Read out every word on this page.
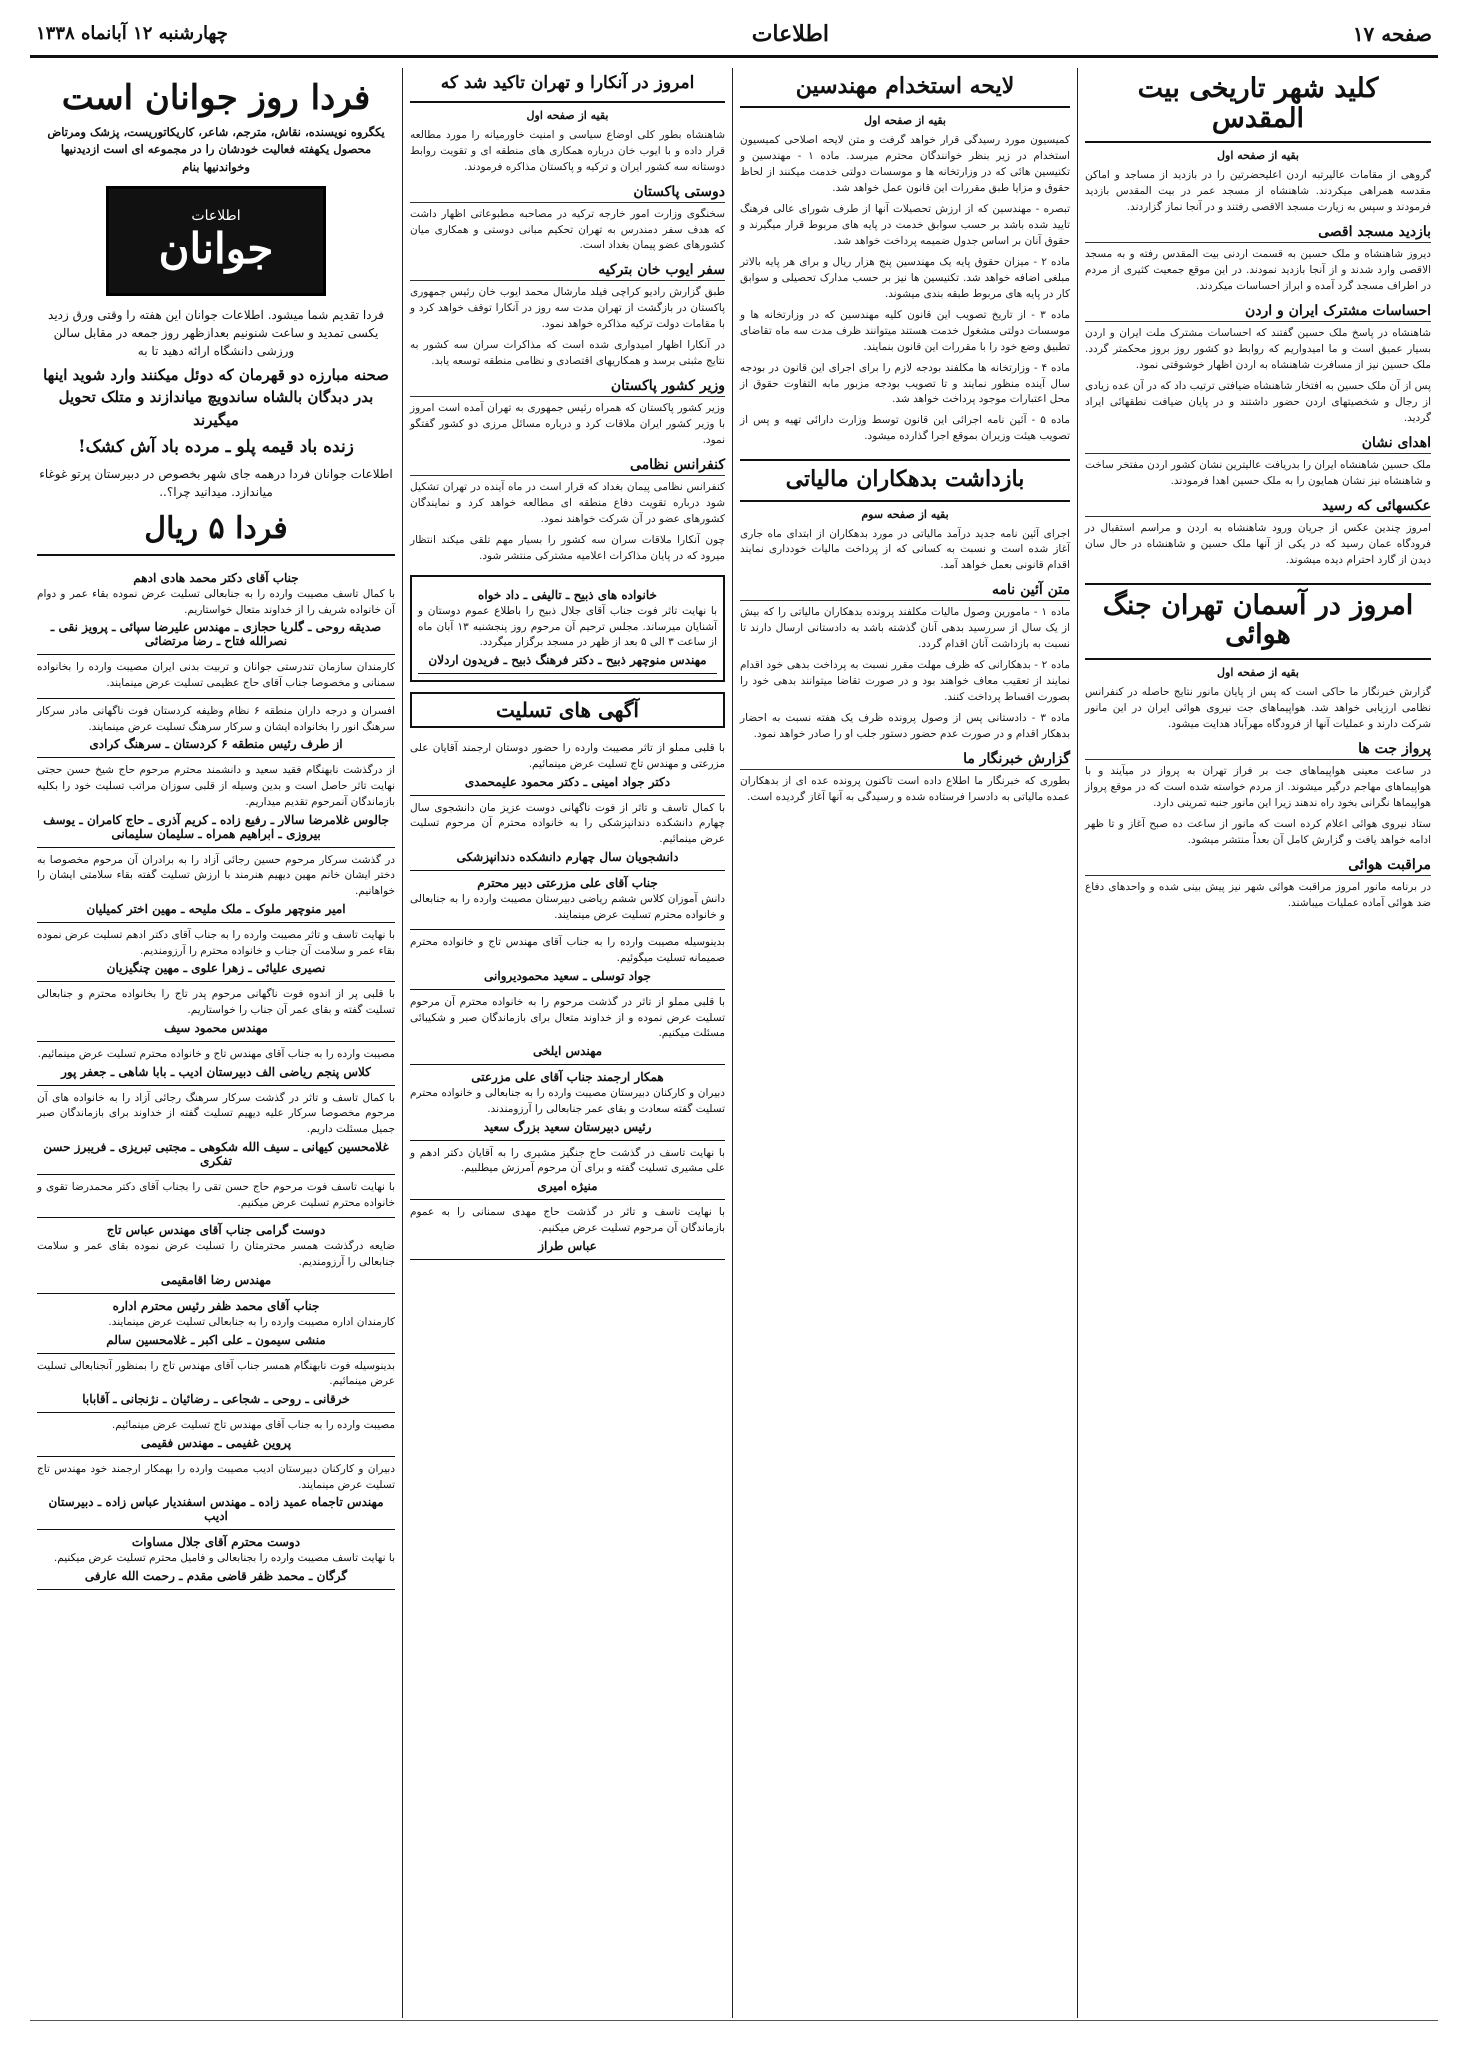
صفحه ۱۷
اطلاعات
چهارشنبه ۱۲ آبانماه ۱۳۳۸
کلید شهر تاریخی بیت المقدس
بقیه از صفحه اول

گروهی از مقامات عالیرتبه اردن اعلیحضرتین را در بازدید از مساجد و اماکن مقدسه همراهی میکردند. شاهنشاه از مسجد عمر در بیت المقدس بازدید فرمودند و سپس به زیارت مسجد الاقصی رفتند و در آنجا نماز گزاردند.

بازدید مسجد اقصی

دیروز شاهنشاه و ملک حسین به قسمت اردنی بیت المقدس رفته و به مسجد الاقصی وارد شدند و از آنجا بازدید نمودند. در این موقع جمعیت کثیری از مردم در اطراف مسجد گرد آمده و ابراز احساسات میکردند.

احساسات مشترک ایران و اردن

شاهنشاه در پاسخ ملک حسین گفتند که احساسات مشترک ملت ایران و اردن بسیار عمیق است و ما امیدواریم که روابط دو کشور روز بروز محکمتر گردد. ملک حسین نیز از مسافرت شاهنشاه به اردن اظهار خوشوقتی نمود.

پس از آن ملک حسین به افتخار شاهنشاه ضیافتی ترتیب داد که در آن عده زیادی از رجال و شخصیتهای اردن حضور داشتند و در پایان ضیافت نطقهائی ایراد گردید.

اهدای نشان

ملک حسین شاهنشاه ایران را بدریافت عالیترین نشان کشور اردن مفتخر ساخت و شاهنشاه نیز نشان همایون را به ملک حسین اهدا فرمودند.

عکسهائی که رسید

امروز چندین عکس از جریان ورود شاهنشاه به اردن و مراسم استقبال در فرودگاه عمان رسید که در یکی از آنها ملک حسین و شاهنشاه در حال سان دیدن از گارد احترام دیده میشوند.

امروز در آسمان تهران جنگ هوائی
بقیه از صفحه اول

گزارش خبرنگار ما حاکی است که پس از پایان مانور نتایج حاصله در کنفرانس نظامی ارزیابی خواهد شد. هواپیماهای جت نیروی هوائی ایران در این مانور شرکت دارند و عملیات آنها از فرودگاه مهرآباد هدایت میشود.

پرواز جت ها

در ساعت معینی هواپیماهای جت بر فراز تهران به پرواز در میآیند و با هواپیماهای مهاجم درگیر میشوند. از مردم خواسته شده است که در موقع پرواز هواپیماها نگرانی بخود راه ندهند زیرا این مانور جنبه تمرینی دارد.

ستاد نیروی هوائی اعلام کرده است که مانور از ساعت ده صبح آغاز و تا ظهر ادامه خواهد یافت و گزارش کامل آن بعداً منتشر میشود.

مراقبت هوائی

در برنامه مانور امروز مراقبت هوائی شهر نیز پیش بینی شده و واحدهای دفاع ضد هوائی آماده عملیات میباشند.

لایحه استخدام مهندسین
بقیه از صفحه اول

کمیسیون مورد رسیدگی قرار خواهد گرفت و متن لایحه اصلاحی کمیسیون استخدام در زیر بنظر خوانندگان محترم میرسد. ماده ۱ - مهندسین و تکنیسین هائی که در وزارتخانه ها و موسسات دولتی خدمت میکنند از لحاظ حقوق و مزایا طبق مقررات این قانون عمل خواهد شد.

تبصره - مهندسین که از ارزش تحصیلات آنها از طرف شورای عالی فرهنگ تایید شده باشد بر حسب سوابق خدمت در پایه های مربوط قرار میگیرند و حقوق آنان بر اساس جدول ضمیمه پرداخت خواهد شد.

ماده ۲ - میزان حقوق پایه یک مهندسین پنج هزار ریال و برای هر پایه بالاتر مبلغی اضافه خواهد شد. تکنیسین ها نیز بر حسب مدارک تحصیلی و سوابق کار در پایه های مربوط طبقه بندی میشوند.

ماده ۳ - از تاریخ تصویب این قانون کلیه مهندسین که در وزارتخانه ها و موسسات دولتی مشغول خدمت هستند میتوانند ظرف مدت سه ماه تقاضای تطبیق وضع خود را با مقررات این قانون بنمایند.

ماده ۴ - وزارتخانه ها مکلفند بودجه لازم را برای اجرای این قانون در بودجه سال آینده منظور نمایند و تا تصویب بودجه مزبور مابه التفاوت حقوق از محل اعتبارات موجود پرداخت خواهد شد.

ماده ۵ - آئین نامه اجرائی این قانون توسط وزارت دارائی تهیه و پس از تصویب هیئت وزیران بموقع اجرا گذارده میشود.

بازداشت بدهکاران مالیاتی
بقیه از صفحه سوم

اجرای آئین نامه جدید درآمد مالیاتی در مورد بدهکاران از ابتدای ماه جاری آغاز شده است و نسبت به کسانی که از پرداخت مالیات خودداری نمایند اقدام قانونی بعمل خواهد آمد.

متن آئین نامه

ماده ۱ - مامورین وصول مالیات مکلفند پرونده بدهکاران مالیاتی را که بیش از یک سال از سررسید بدهی آنان گذشته باشد به دادستانی ارسال دارند تا نسبت به بازداشت آنان اقدام گردد.

ماده ۲ - بدهکارانی که ظرف مهلت مقرر نسبت به پرداخت بدهی خود اقدام نمایند از تعقیب معاف خواهند بود و در صورت تقاضا میتوانند بدهی خود را بصورت اقساط پرداخت کنند.

ماده ۳ - دادستانی پس از وصول پرونده ظرف یک هفته نسبت به احضار بدهکار اقدام و در صورت عدم حضور دستور جلب او را صادر خواهد نمود.

گزارش خبرنگار ما

بطوری که خبرنگار ما اطلاع داده است تاکنون پرونده عده ای از بدهکاران عمده مالیاتی به دادسرا فرستاده شده و رسیدگی به آنها آغاز گردیده است.

امروز در آنکارا و تهران تاکید شد که
بقیه از صفحه اول

شاهنشاه بطور کلی اوضاع سیاسی و امنیت خاورمیانه را مورد مطالعه قرار داده و با ایوب خان درباره همکاری های منطقه ای و تقویت روابط دوستانه سه کشور ایران و ترکیه و پاکستان مذاکره فرمودند.

دوستی پاکستان

سخنگوی وزارت امور خارجه ترکیه در مصاحبه مطبوعاتی اظهار داشت که هدف سفر دمندرس به تهران تحکیم مبانی دوستی و همکاری میان کشورهای عضو پیمان بغداد است.

سفر ایوب خان بترکیه

طبق گزارش رادیو کراچی فیلد مارشال محمد ایوب خان رئیس جمهوری پاکستان در بازگشت از تهران مدت سه روز در آنکارا توقف خواهد کرد و با مقامات دولت ترکیه مذاکره خواهد نمود.

در آنکارا اظهار امیدواری شده است که مذاکرات سران سه کشور به نتایج مثبتی برسد و همکاریهای اقتصادی و نظامی منطقه توسعه یابد.

وزیر کشور پاکستان

وزیر کشور پاکستان که همراه رئیس جمهوری به تهران آمده است امروز با وزیر کشور ایران ملاقات کرد و درباره مسائل مرزی دو کشور گفتگو نمود.

کنفرانس نظامی

کنفرانس نظامی پیمان بغداد که قرار است در ماه آینده در تهران تشکیل شود درباره تقویت دفاع منطقه ای مطالعه خواهد کرد و نمایندگان کشورهای عضو در آن شرکت خواهند نمود.

چون آنکارا ملاقات سران سه کشور را بسیار مهم تلقی میکند انتظار میرود که در پایان مذاکرات اعلامیه مشترکی منتشر شود.

خانواده های ذبیح ـ تالیفی ـ داد خواه
با نهایت تاثر فوت جناب آقای جلال ذبیح را باطلاع عموم دوستان و آشنایان میرساند. مجلس ترحیم آن مرحوم روز پنجشنبه ۱۳ آبان ماه از ساعت ۳ الی ۵ بعد از ظهر در مسجد برگزار میگردد.
مهندس منوچهر ذبیح ـ دکتر فرهنگ ذبیح ـ فریدون اردلان
آگهی های تسلیت
با قلبی مملو از تاثر مصیبت وارده را حضور دوستان ارجمند آقایان علی مزرعتی و مهندس تاج تسلیت عرض مینمائیم.
دکتر جواد امینی ـ دکتر محمود علیمحمدی
با کمال تاسف و تاثر از فوت ناگهانی دوست عزیز مان دانشجوی سال چهارم دانشکده دندانپزشکی را به خانواده محترم آن مرحوم تسلیت عرض مینمائیم.
دانشجویان سال چهارم دانشکده دندانپزشکی
جناب آقای علی مزرعتی دبیر محترم
دانش آموزان کلاس ششم ریاضی دبیرستان مصیبت وارده را به جنابعالی و خانواده محترم تسلیت عرض مینمایند.
بدینوسیله مصیبت وارده را به جناب آقای مهندس تاج و خانواده محترم صمیمانه تسلیت میگوئیم.
جواد توسلی ـ سعید محمودیروانی
با قلبی مملو از تاثر در گذشت مرحوم را به خانواده محترم آن مرحوم تسلیت عرض نموده و از خداوند متعال برای بازماندگان صبر و شکیبائی مسئلت میکنیم.
مهندس ایلخی
همکار ارجمند جناب آقای علی مزرعتی
دبیران و کارکنان دبیرستان مصیبت وارده را به جنابعالی و خانواده محترم تسلیت گفته سعادت و بقای عمر جنابعالی را آرزومندند.
رئیس دبیرستان سعید بزرگ سعید
با نهایت تاسف در گذشت حاج جنگیز مشیری را به آقایان دکتر ادهم و علی مشیری تسلیت گفته و برای آن مرحوم آمرزش میطلبیم.
منیژه امیری
با نهایت تاسف و تاثر در گذشت حاج مهدی سمنانی را به عموم بازماندگان آن مرحوم تسلیت عرض میکنیم.
عباس طراز
فردا روز جوانان است
یکگروه نویسنده، نقاش، مترجم، شاعر، کاریکاتوریست، پزشک ومرتاض محصول یکهفته فعالیت خودشان را در مجموعه ای است ازدیدنیها وخواندنیها بنام
اطلاعات
جوانان
فردا تقدیم شما میشود. اطلاعات جوانان این هفته را وقتی ورق زدید یکسی تمدید و ساعت شنونیم بعدازظهر روز جمعه در مقابل سالن ورزشی دانشگاه ارائه دهید تا به
صحنه مبارزه دو قهرمان که دوئل میکنند وارد شوید اینها بدر دبدگان بالشاه ساندویچ میاندازند و متلک تحویل میگیرند
زنده باد قیمه پلو ـ مرده باد آش کشک!
اطلاعات جوانان فردا درهمه جای شهر بخصوص در دبیرستان پرتو غوغاء میاندازد. میدانید چرا؟..
فردا ۵ ریال
جناب آقای دکتر محمد هادی ادهم
با کمال تاسف مصیبت وارده را به جنابعالی تسلیت عرض نموده بقاء عمر و دوام آن خانواده شریف را از خداوند متعال خواستاریم.
صدیقه روحی ـ گلریا حجازی ـ مهندس علیرضا سپائی ـ پرویز نقی ـ نصرالله فتاح ـ رضا مرتضائی
کارمندان سازمان تندرستی جوانان و تربیت بدنی ایران مصیبت وارده را بخانواده سمنانی و مخصوصا جناب آقای حاج عظیمی تسلیت عرض مینمایند.
افسران و درجه داران منطقه ۶ نظام وظیفه کردستان فوت ناگهانی مادر سرکار سرهنگ انور را بخانواده ایشان و سرکار سرهنگ تسلیت عرض مینمایند.
از طرف رئیس منطقه ۶ کردستان ـ سرهنگ کرادی
از درگذشت نابهنگام فقید سعید و دانشمند محترم مرحوم حاج شیخ حسن حجتی نهایت تاثر حاصل است و بدین وسیله از قلبی سوزان مراتب تسلیت خود را بکلیه بازماندگان آنمرحوم تقدیم میداریم.
جالوس غلامرضا سالار ـ رفیع زاده ـ کریم آذری ـ حاج کامران ـ یوسف بیروزی ـ ابراهیم همراه ـ سلیمان سلیمانی
در گذشت سرکار مرحوم حسین رجائی آزاد را به برادران آن مرحوم مخصوصا به دختر ایشان خانم مهین دیهیم هنرمند با ارزش تسلیت گفته بقاء سلامتی ایشان را خواهانیم.
امیر منوچهر ملوک ـ ملک ملیحه ـ مهین اختر کمیلیان
با نهایت تاسف و تاثر مصیبت وارده را به جناب آقای دکتر ادهم تسلیت عرض نموده بقاء عمر و سلامت آن جناب و خانواده محترم را آرزومندیم.
نصیری علیائی ـ زهرا علوی ـ مهین چنگیزیان
با قلبی پر از اندوه فوت ناگهانی مرحوم پدر تاج را بخانواده محترم و جنابعالی تسلیت گفته و بقای عمر آن جناب را خواستاریم.
مهندس محمود سیف
مصیبت وارده را به جناب آقای مهندس تاج و خانواده محترم تسلیت عرض مینمائیم.
کلاس پنجم ریاضی الف دبیرستان ادیب ـ بابا شاهی ـ جعفر پور
با کمال تاسف و تاثر در گذشت سرکار سرهنگ رجائی آزاد را به خانواده های آن مرحوم مخصوصا سرکار علیه دیهیم تسلیت گفته از خداوند برای بازماندگان صبر جمیل مسئلت داریم.
غلامحسین کیهانی ـ سیف الله شکوهی ـ مجتبی تبریزی ـ فریبرز حسن تفکری
با نهایت تاسف فوت مرحوم حاج حسن تقی را بجناب آقای دکتر محمدرضا تقوی و خانواده محترم تسلیت عرض میکنیم.
دوست گرامی جناب آقای مهندس عباس تاج
ضایعه درگذشت همسر محترمتان را تسلیت عرض نموده بقای عمر و سلامت جنابعالی را آرزومندیم.
مهندس رضا اقامقیمی
جناب آقای محمد ظفر رئیس محترم اداره
کارمندان اداره مصیبت وارده را به جنابعالی تسلیت عرض مینمایند.
منشی سیمون ـ علی اکبر ـ غلامحسین سالم
بدینوسیله فوت نابهنگام همسر جناب آقای مهندس تاج را بمنظور آنجنابعالی تسلیت عرض مینمائیم.
خرقانی ـ روحی ـ شجاعی ـ رضائیان ـ نژنجانی ـ آقابابا
مصیبت وارده را به جناب آقای مهندس تاج تسلیت عرض مینمائیم.
پروین غفیمی ـ مهندس فقیمی
دبیران و کارکنان دبیرستان ادیب مصیبت وارده را بهمکار ارجمند خود مهندس تاج تسلیت عرض مینمایند.
مهندس تاجماه عمید زاده ـ مهندس اسفندیار عباس زاده ـ دبیرستان ادیب
دوست محترم آقای جلال مساوات
با نهایت تاسف مصیبت وارده را بجنابعالی و فامیل محترم تسلیت عرض میکنیم.
گرگان ـ محمد ظفر قاضی مقدم ـ رحمت الله عارفی
